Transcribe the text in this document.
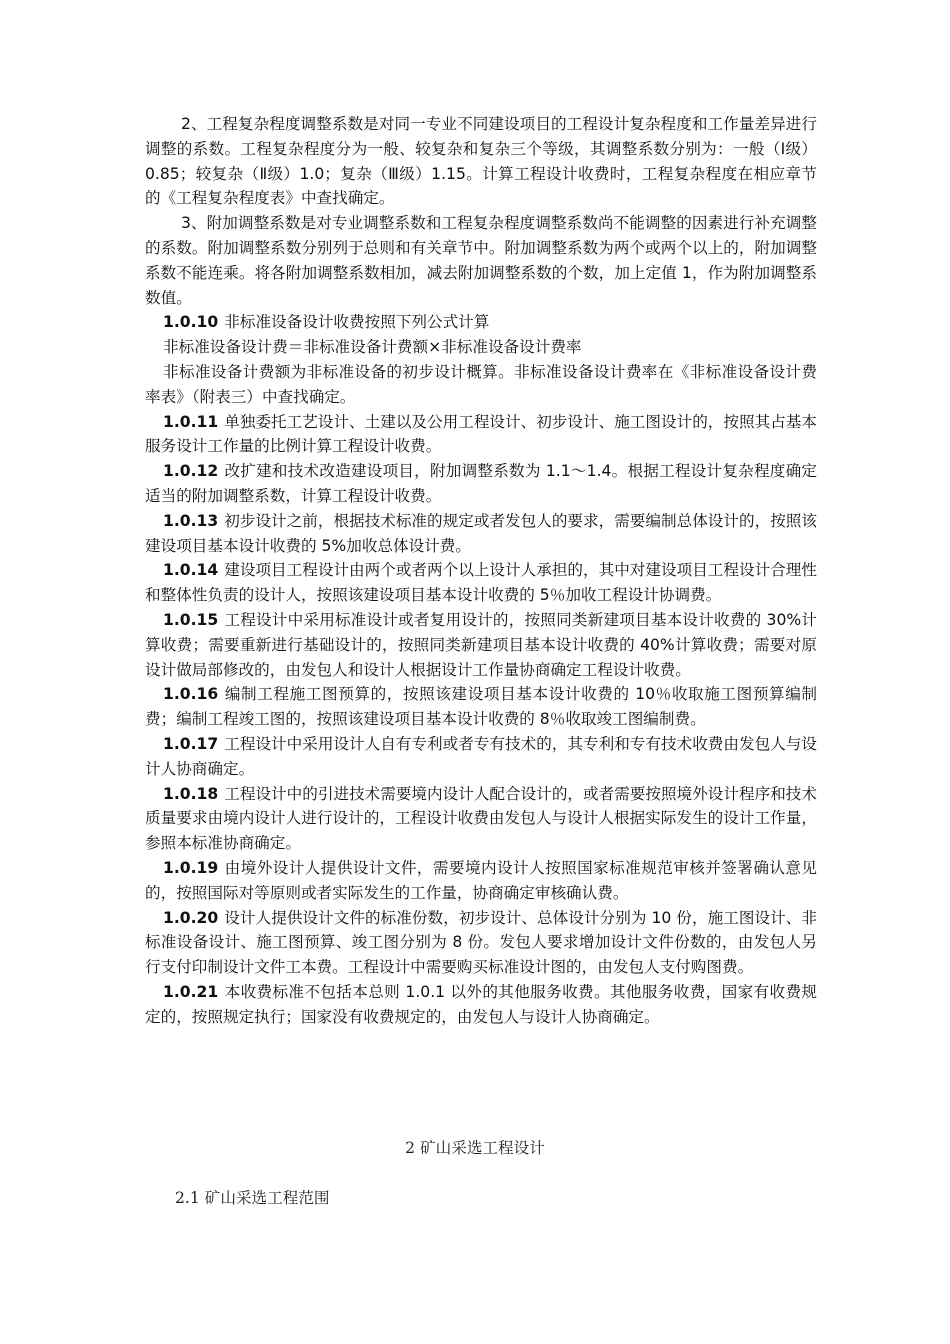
2、工程复杂程度调整系数是对同一专业不同建设项目的工程设计复杂程度和工作量差异进行调整的系数。工程复杂程度分为一般、较复杂和复杂三个等级，其调整系数分别为：一般（Ⅰ级）0.85；较复杂（Ⅱ级）1.0；复杂（Ⅲ级）1.15。计算工程设计收费时，工程复杂程度在相应章节的《工程复杂程度表》中查找确定。

3、附加调整系数是对专业调整系数和工程复杂程度调整系数尚不能调整的因素进行补充调整的系数。附加调整系数分别列于总则和有关章节中。附加调整系数为两个或两个以上的，附加调整系数不能连乘。将各附加调整系数相加，减去附加调整系数的个数，加上定值 1，作为附加调整系数值。

1.0.10 非标准设备设计收费按照下列公式计算

非标准设备设计费＝非标准设备计费额×非标准设备设计费率

非标准设备计费额为非标准设备的初步设计概算。非标准设备设计费率在《非标准设备设计费率表》（附表三）中查找确定。

1.0.11 单独委托工艺设计、土建以及公用工程设计、初步设计、施工图设计的，按照其占基本服务设计工作量的比例计算工程设计收费。

1.0.12 改扩建和技术改造建设项目，附加调整系数为 1.1～1.4。根据工程设计复杂程度确定适当的附加调整系数，计算工程设计收费。

1.0.13 初步设计之前，根据技术标准的规定或者发包人的要求，需要编制总体设计的，按照该建设项目基本设计收费的 5%加收总体设计费。

1.0.14 建设项目工程设计由两个或者两个以上设计人承担的，其中对建设项目工程设计合理性和整体性负责的设计人，按照该建设项目基本设计收费的 5％加收工程设计协调费。

1.0.15 工程设计中采用标准设计或者复用设计的，按照同类新建项目基本设计收费的 30%计算收费；需要重新进行基础设计的，按照同类新建项目基本设计收费的 40%计算收费；需要对原设计做局部修改的，由发包人和设计人根据设计工作量协商确定工程设计收费。

1.0.16 编制工程施工图预算的，按照该建设项目基本设计收费的 10％收取施工图预算编制费；编制工程竣工图的，按照该建设项目基本设计收费的 8％收取竣工图编制费。

1.0.17 工程设计中采用设计人自有专利或者专有技术的，其专利和专有技术收费由发包人与设计人协商确定。

1.0.18 工程设计中的引进技术需要境内设计人配合设计的，或者需要按照境外设计程序和技术质量要求由境内设计人进行设计的，工程设计收费由发包人与设计人根据实际发生的设计工作量，参照本标准协商确定。

1.0.19 由境外设计人提供设计文件，需要境内设计人按照国家标准规范审核并签署确认意见的，按照国际对等原则或者实际发生的工作量，协商确定审核确认费。

1.0.20 设计人提供设计文件的标准份数，初步设计、总体设计分别为 10 份，施工图设计、非标准设备设计、施工图预算、竣工图分别为 8 份。发包人要求增加设计文件份数的，由发包人另行支付印制设计文件工本费。工程设计中需要购买标准设计图的，由发包人支付购图费。

1.0.21 本收费标准不包括本总则 1.0.1 以外的其他服务收费。其他服务收费，国家有收费规定的，按照规定执行；国家没有收费规定的，由发包人与设计人协商确定。

2 矿山采选工程设计
2.1 矿山采选工程范围
